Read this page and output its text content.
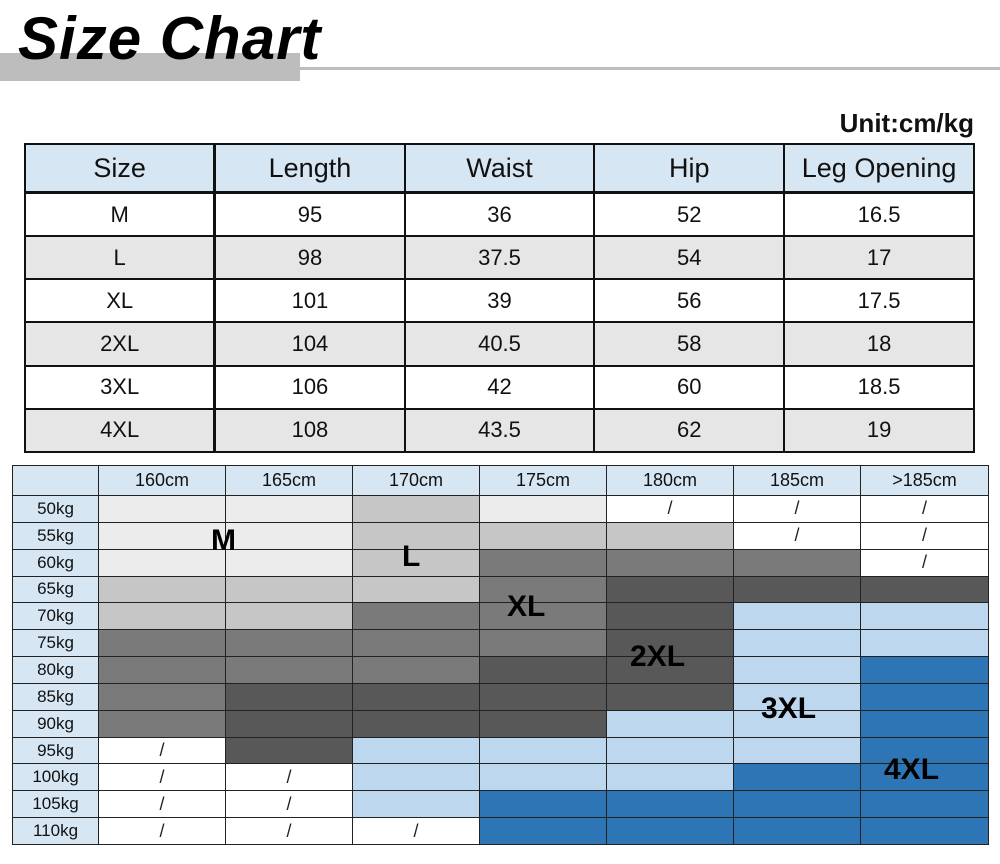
Size Chart
Unit:cm/kg
Size	Length	Waist	Hip	Leg Opening
M	95	36	52	16.5
L	98	37.5	54	17
XL	101	39	56	17.5
2XL	104	40.5	58	18
3XL	106	42	60	18.5
4XL	108	43.5	62	19
	160cm	165cm	170cm	175cm	180cm	185cm	>185cm
50kg					/	/	/
55kg						/	/
60kg							/
65kg							
70kg							
75kg							
80kg							
85kg							
90kg							
95kg	/						
100kg	/	/					
105kg	/	/					
110kg	/	/	/				
M	L
XL
2XL
3XL
4XL
